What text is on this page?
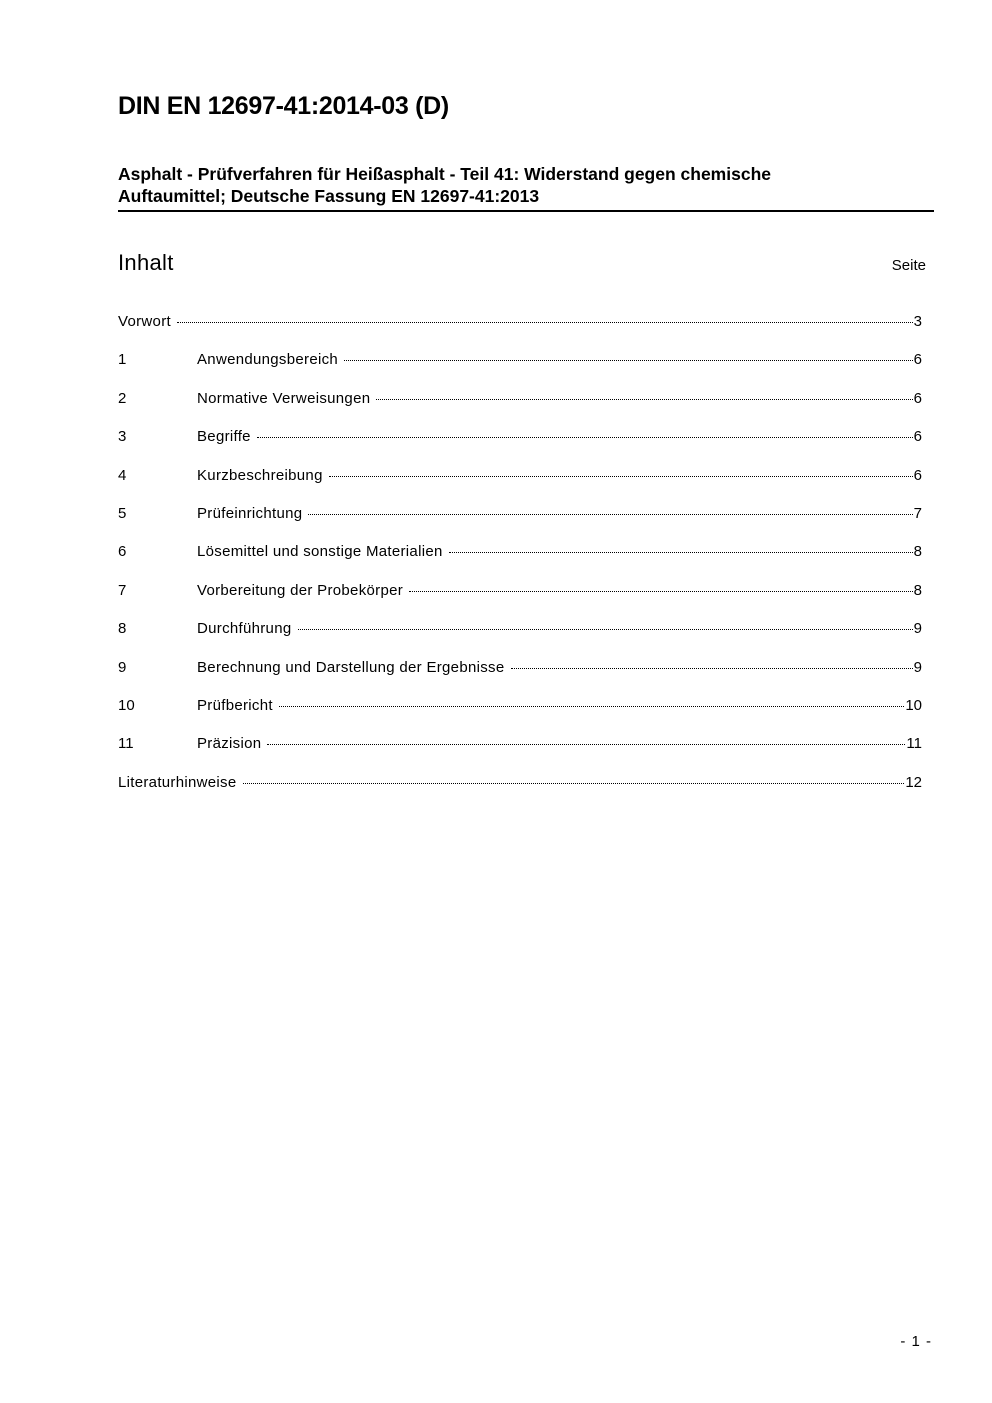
DIN EN 12697-41:2014-03 (D)
Asphalt - Prüfverfahren für Heißasphalt - Teil 41: Widerstand gegen chemische
Auftaumittel; Deutsche Fassung EN 12697-41:2013
Inhalt	Seite
Vorwort	3
1	Anwendungsbereich	6
2	Normative Verweisungen	6
3	Begriffe	6
4	Kurzbeschreibung	6
5	Prüfeinrichtung	7
6	Lösemittel und sonstige Materialien	8
7	Vorbereitung der Probekörper	8
8	Durchführung	9
9	Berechnung und Darstellung der Ergebnisse	9
10	Prüfbericht	10
11	Präzision	11
Literaturhinweise	12
- 1 -
